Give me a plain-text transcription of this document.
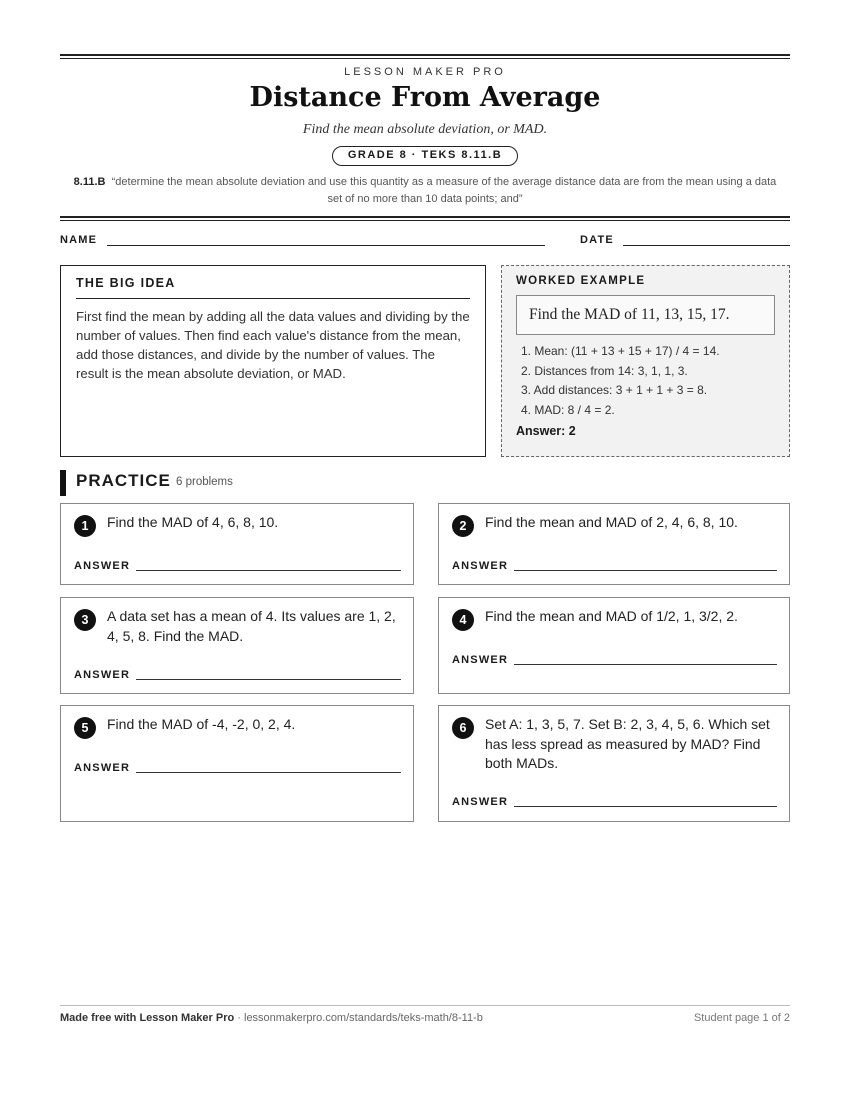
LESSON MAKER PRO
Distance From Average
Find the mean absolute deviation, or MAD.
GRADE 8 · TEKS 8.11.B
8.11.B “determine the mean absolute deviation and use this quantity as a measure of the average distance data are from the mean using a data set of no more than 10 data points; and”
NAME	DATE
THE BIG IDEA
First find the mean by adding all the data values and dividing by the number of values. Then find each value's distance from the mean, add those distances, and divide by the number of values. The result is the mean absolute deviation, or MAD.
WORKED EXAMPLE
Find the MAD of 11, 13, 15, 17.
1. Mean: (11 + 13 + 15 + 17) / 4 = 14.
2. Distances from 14: 3, 1, 1, 3.
3. Add distances: 3 + 1 + 1 + 3 = 8.
4. MAD: 8 / 4 = 2.
Answer: 2
PRACTICE 6 problems
1	Find the MAD of 4, 6, 8, 10.
ANSWER
2	Find the mean and MAD of 2, 4, 6, 8, 10.
ANSWER
3	A data set has a mean of 4. Its values are 1, 2, 4, 5, 8. Find the MAD.
ANSWER
4	Find the mean and MAD of 1/2, 1, 3/2, 2.
ANSWER
5	Find the MAD of -4, -2, 0, 2, 4.
ANSWER
6	Set A: 1, 3, 5, 7. Set B: 2, 3, 4, 5, 6. Which set has less spread as measured by MAD? Find both MADs.
ANSWER
Made free with Lesson Maker Pro · lessonmakerpro.com/standards/teks-math/8-11-b	Student page 1 of 2
